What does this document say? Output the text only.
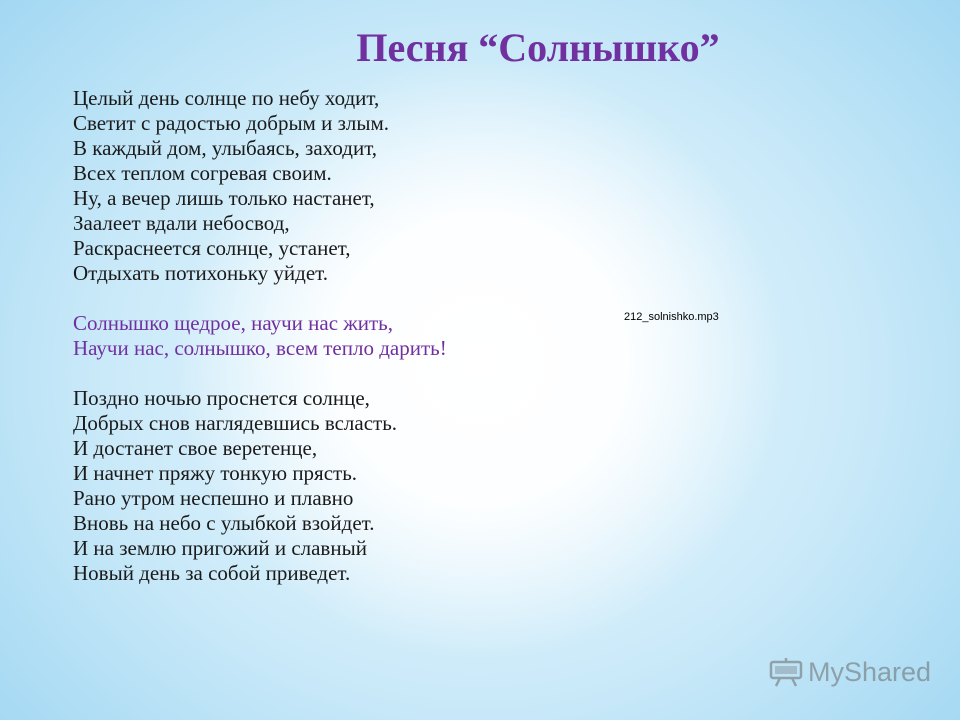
Песня “Солнышко”
Целый день солнце по небу ходит,
Светит с радостью добрым и злым.
В каждый дом, улыбаясь, заходит,
Всех теплом согревая своим.
Ну, а вечер лишь только настанет,
Заалеет вдали небосвод,
Раскраснеется солнце, устанет,
Отдыхать потихоньку уйдет.
Солнышко щедрое, научи нас жить,
Научи нас, солнышко, всем тепло дарить!
Поздно ночью проснется солнце,
Добрых снов наглядевшись всласть.
И достанет свое веретенце,
И начнет пряжу тонкую прясть.
Рано утром неспешно и плавно
Вновь на небо с улыбкой взойдет.
И на землю пригожий и славный
Новый день за собой приведет.
212_solnishko.mp3
MyShared
